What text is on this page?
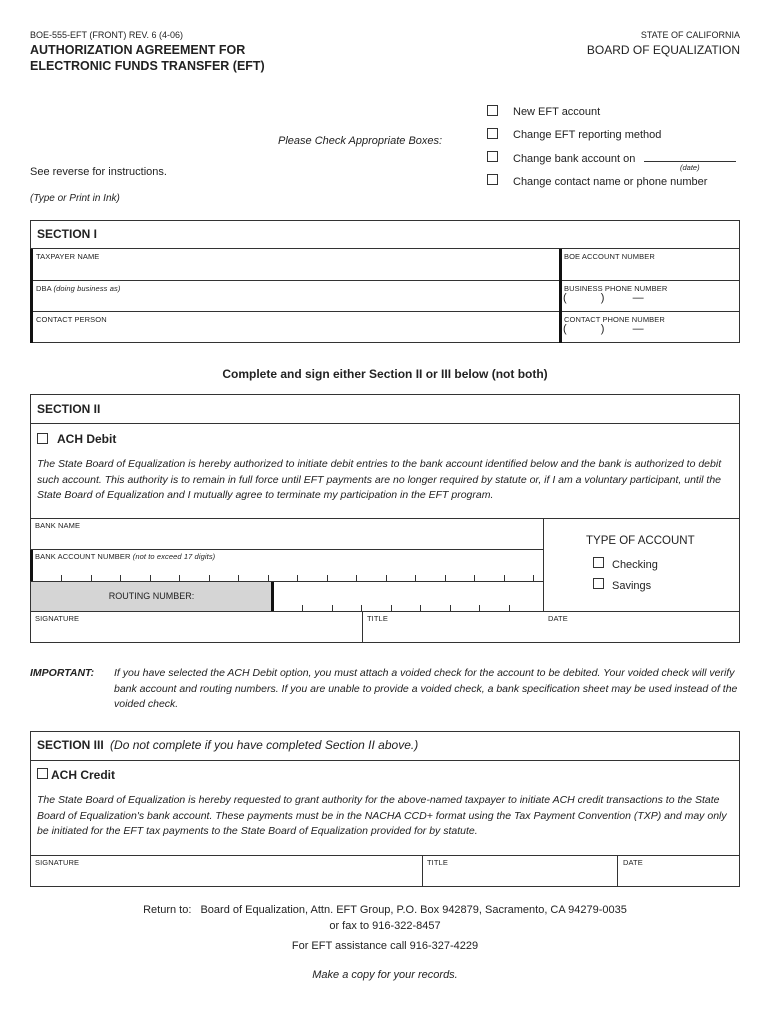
BOE-555-EFT (FRONT) REV. 6 (4-06)
AUTHORIZATION AGREEMENT FOR
ELECTRONIC FUNDS TRANSFER (EFT)
STATE OF CALIFORNIA
BOARD OF EQUALIZATION
Please Check Appropriate Boxes:
New EFT account
Change EFT reporting method
Change bank account on
(date)
Change contact name or phone number
See reverse for instructions.
(Type or Print in Ink)
SECTION I
TAXPAYER NAME	BOE ACCOUNT NUMBER
DBA (doing business as)	BUSINESS PHONE NUMBER
(	)	—
CONTACT PERSON	CONTACT PHONE NUMBER
(	)	—
Complete and sign either Section II or III below (not both)
SECTION II
ACH Debit
The State Board of Equalization is hereby authorized to initiate debit entries to the bank account identified below and the bank is authorized to debit such account. This authority is to remain in full force until EFT payments are no longer required by statute or, if I am a voluntary participant, until the State Board of Equalization and I mutually agree to terminate my participation in the EFT program.
BANK NAME
BANK ACCOUNT NUMBER (not to exceed 17 digits)
ROUTING NUMBER:
TYPE OF ACCOUNT
Checking
Savings
SIGNATURE	TITLE	DATE
IMPORTANT: If you have selected the ACH Debit option, you must attach a voided check for the account to be debited. Your voided check will verify bank account and routing numbers. If you are unable to provide a voided check, a bank specification sheet may be used instead of the voided check.
SECTION III (Do not complete if you have completed Section II above.)
ACH Credit
The State Board of Equalization is hereby requested to grant authority for the above-named taxpayer to initiate ACH credit transactions to the State Board of Equalization's bank account. These payments must be in the NACHA CCD+ format using the Tax Payment Convention (TXP) and may only be initiated for the EFT tax payments to the State Board of Equalization provided for by statute.
SIGNATURE	TITLE	DATE
Return to: Board of Equalization, Attn. EFT Group, P.O. Box 942879, Sacramento, CA 94279-0035
or fax to 916-322-8457
For EFT assistance call 916-327-4229
Make a copy for your records.
